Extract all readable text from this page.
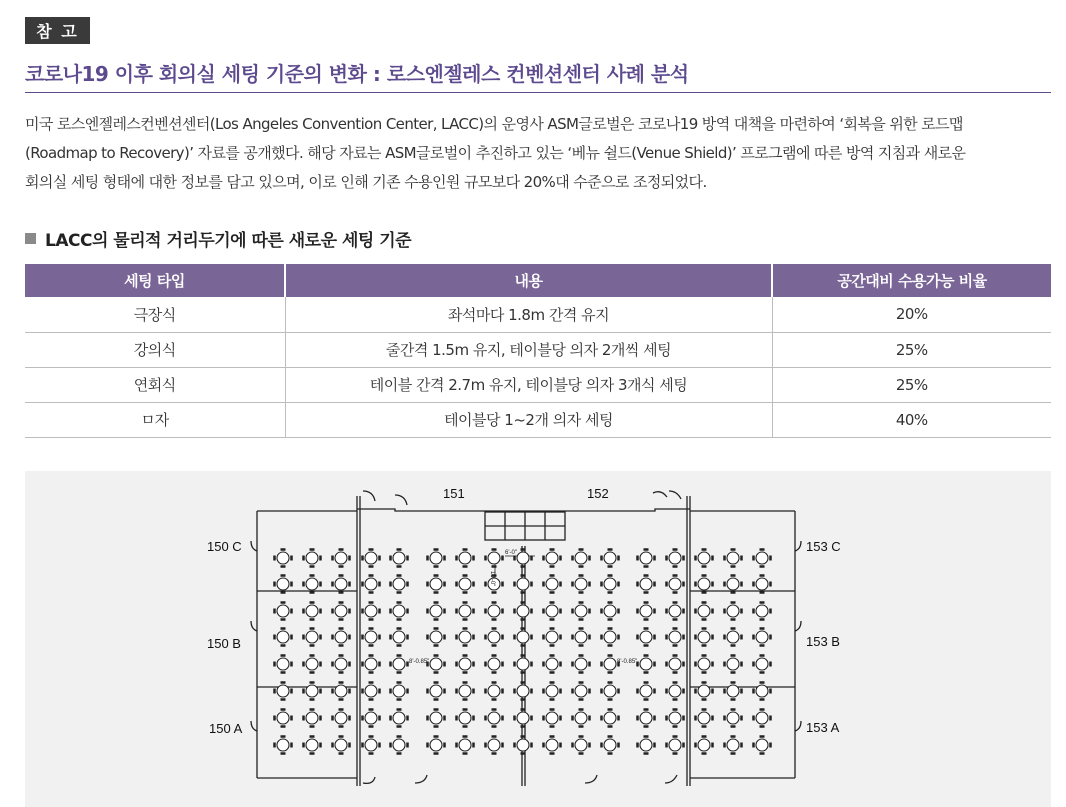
참 고
코로나19 이후 회의실 세팅 기준의 변화 : 로스엔젤레스 컨벤션센터 사례 분석
미국 로스엔젤레스컨벤션센터(Los Angeles Convention Center, LACC)의 운영사 ASM글로벌은 코로나19 방역 대책을 마련하여 ‘회복을 위한 로드맵
(Roadmap to Recovery)’ 자료를 공개했다. 해당 자료는 ASM글로벌이 추진하고 있는 ‘베뉴 쉴드(Venue Shield)’ 프로그램에 따른 방역 지침과 새로운
회의실 세팅 형태에 대한 정보를 담고 있으며, 이로 인해 기존 수용인원 규모보다 20%대 수준으로 조정되었다.
LACC의 물리적 거리두기에 따른 새로운 세팅 기준
세팅 타입	내용	공간대비 수용가능 비율
극장식	좌석마다 1.8m 간격 유지	20%
강의식	줄간격 1.5m 유지, 테이블당 의자 2개씩 세팅	25%
연회식	테이블 간격 2.7m 유지, 테이블당 의자 3개식 세팅	25%
ㅁ자	테이블당 1~2개 의자 세팅	40%
151	152
150 C
150 B
150 A
153 C
153 B
153 A
6'-0"
10'-0"
8'-0.85"	8'-0.85"
